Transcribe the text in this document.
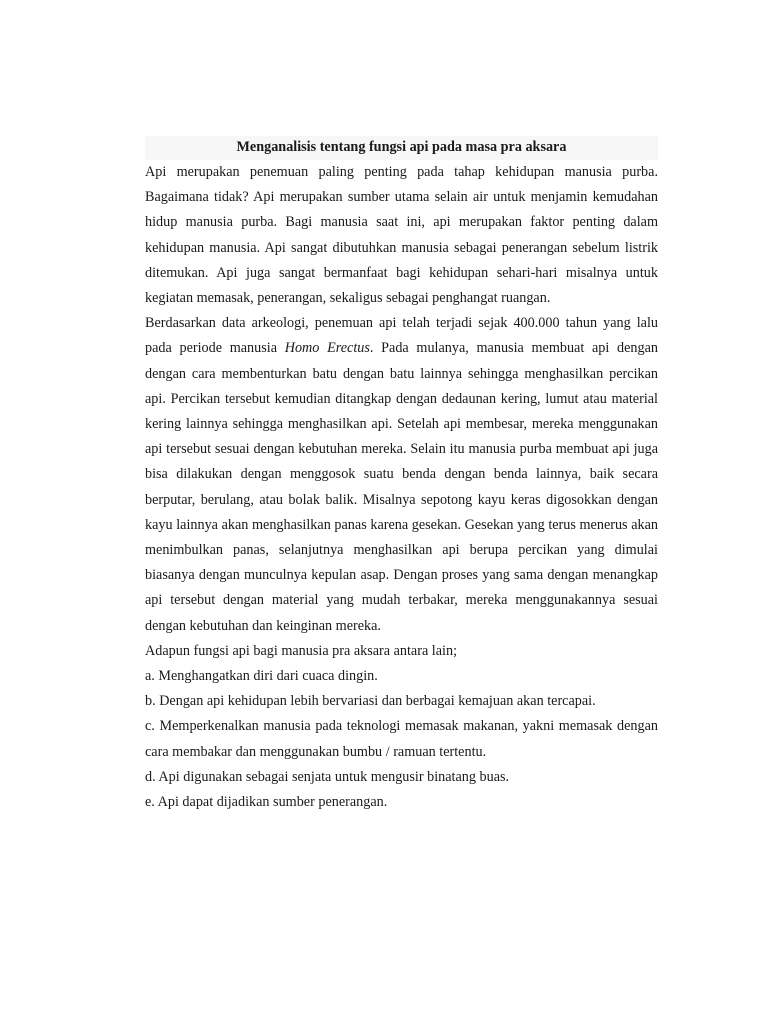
Menganalisis tentang fungsi api pada masa pra aksara

Api merupakan penemuan paling penting pada tahap kehidupan manusia purba. Bagaimana tidak? Api merupakan sumber utama selain air untuk menjamin kemudahan hidup manusia purba. Bagi manusia saat ini, api merupakan faktor penting dalam kehidupan manusia. Api sangat dibutuhkan manusia sebagai penerangan sebelum listrik ditemukan. Api juga sangat bermanfaat bagi kehidupan sehari-hari misalnya untuk kegiatan memasak, penerangan, sekaligus sebagai penghangat ruangan.

Berdasarkan data arkeologi, penemuan api telah terjadi sejak 400.000 tahun yang lalu pada periode manusia Homo Erectus. Pada mulanya, manusia membuat api dengan dengan cara membenturkan batu dengan batu lainnya sehingga menghasilkan percikan api. Percikan tersebut kemudian ditangkap dengan dedaunan kering, lumut atau material kering lainnya sehingga menghasilkan api. Setelah api membesar, mereka menggunakan api tersebut sesuai dengan kebutuhan mereka. Selain itu manusia purba membuat api juga bisa dilakukan dengan menggosok suatu benda dengan benda lainnya, baik secara berputar, berulang, atau bolak balik. Misalnya sepotong kayu keras digosokkan dengan kayu lainnya akan menghasilkan panas karena gesekan. Gesekan yang terus menerus akan menimbulkan panas, selanjutnya menghasilkan api berupa percikan yang dimulai biasanya dengan munculnya kepulan asap. Dengan proses yang sama dengan menangkap api tersebut dengan material yang mudah terbakar, mereka menggunakannya sesuai dengan kebutuhan dan keinginan mereka.

Adapun fungsi api bagi manusia pra aksara antara lain;

a. Menghangatkan diri dari cuaca dingin.

b. Dengan api kehidupan lebih bervariasi dan berbagai kemajuan akan tercapai.

c. Memperkenalkan manusia pada teknologi memasak makanan, yakni memasak dengan cara membakar dan menggunakan bumbu / ramuan tertentu.

d. Api digunakan sebagai senjata untuk mengusir binatang buas.

e. Api dapat dijadikan sumber penerangan.
